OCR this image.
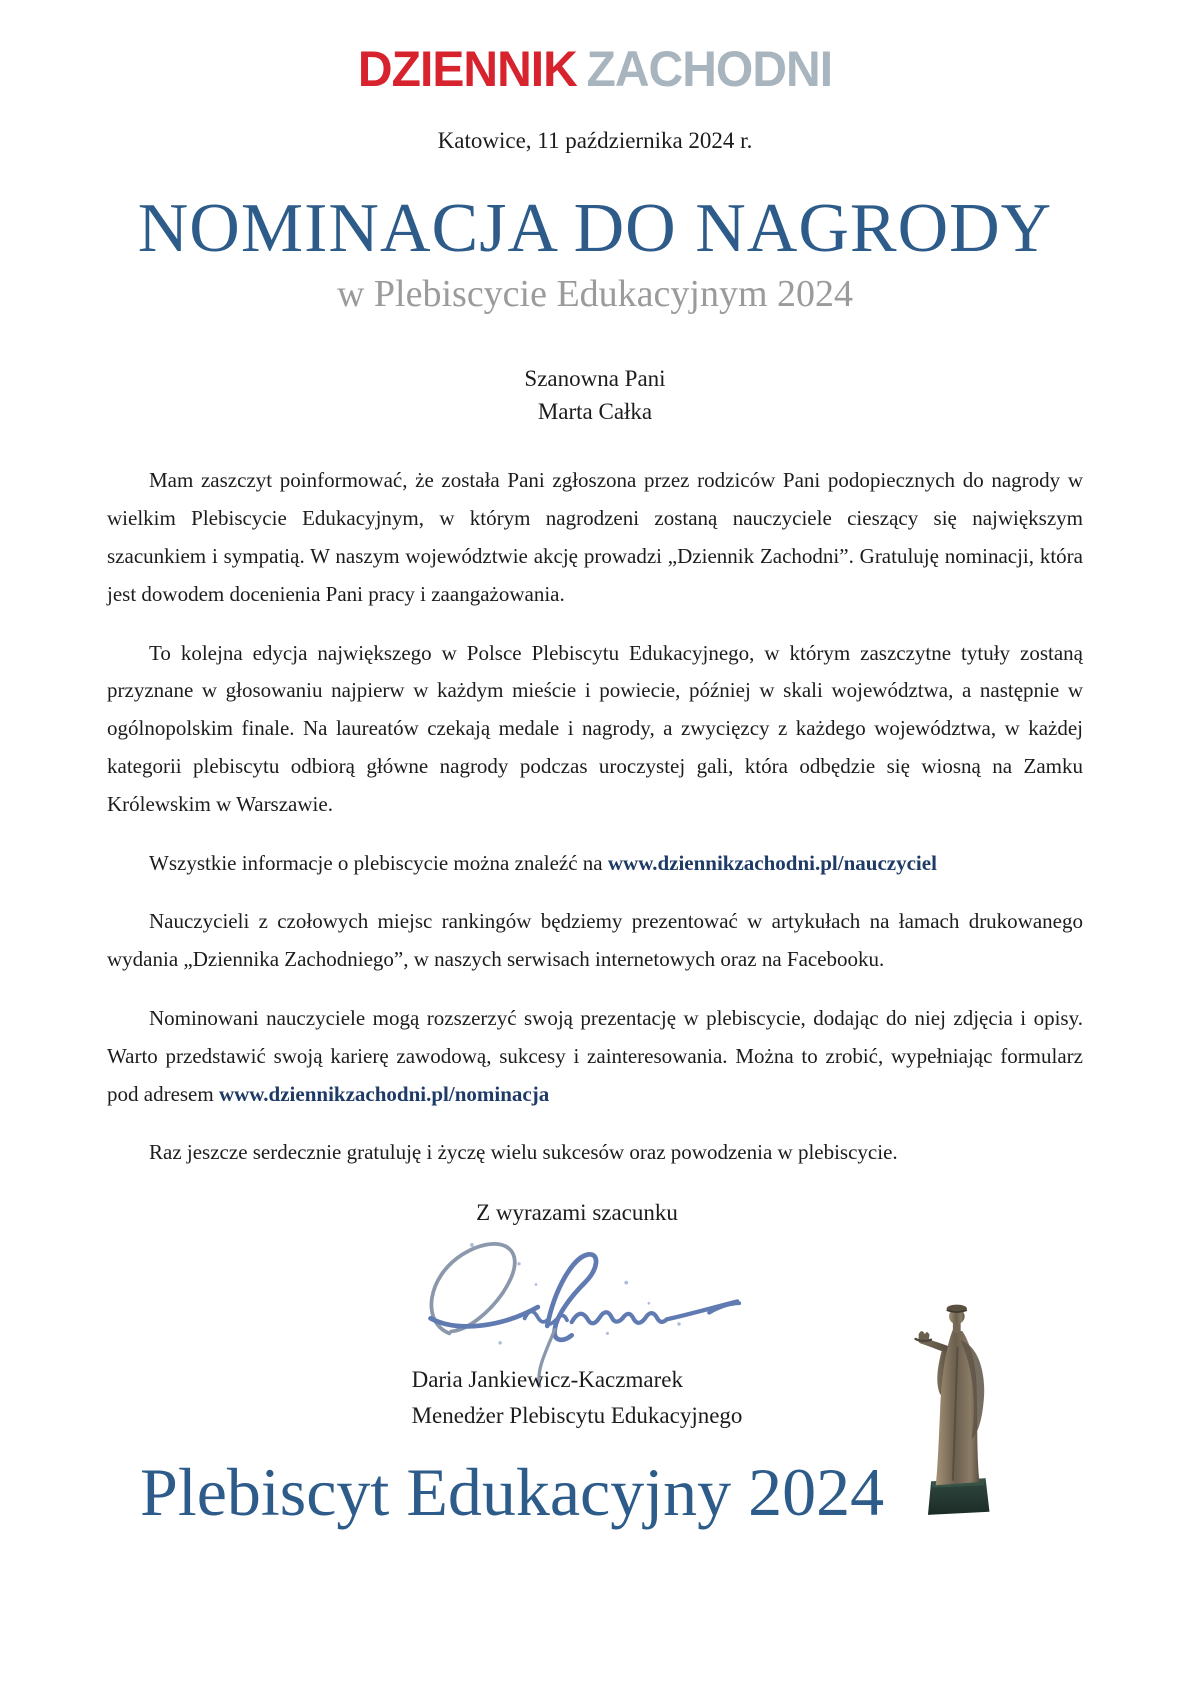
DZIENNIK ZACHODNI
Katowice, 11 października 2024 r.
NOMINACJA DO NAGRODY
w Plebiscycie Edukacyjnym 2024
Szanowna Pani
Marta Całka

Mam zaszczyt poinformować, że została Pani zgłoszona przez rodziców Pani podopiecznych do nagrody w wielkim Plebiscycie Edukacyjnym, w którym nagrodzeni zostaną nauczyciele cieszący się największym szacunkiem i sympatią. W naszym województwie akcję prowadzi „Dziennik Zachodni”. Gratuluję nominacji, która jest dowodem docenienia Pani pracy i zaangażowania.

To kolejna edycja największego w Polsce Plebiscytu Edukacyjnego, w którym zaszczytne tytuły zostaną przyznane w głosowaniu najpierw w każdym mieście i powiecie, później w skali województwa, a następnie w ogólnopolskim finale. Na laureatów czekają medale i nagrody, a zwycięzcy z każdego województwa, w każdej kategorii plebiscytu odbiorą główne nagrody podczas uroczystej gali, która odbędzie się wiosną na Zamku Królewskim w Warszawie.

Wszystkie informacje o plebiscycie można znaleźć na www.dziennikzachodni.pl/nauczyciel

Nauczycieli z czołowych miejsc rankingów będziemy prezentować w artykułach na łamach drukowanego wydania „Dziennika Zachodniego”, w naszych serwisach internetowych oraz na Facebooku.

Nominowani nauczyciele mogą rozszerzyć swoją prezentację w plebiscycie, dodając do niej zdjęcia i opisy. Warto przedstawić swoją karierę zawodową, sukcesy i zainteresowania. Można to zrobić, wypełniając formularz pod adresem www.dziennikzachodni.pl/nominacja

Raz jeszcze serdecznie gratuluję i życzę wielu sukcesów oraz powodzenia w plebiscycie.

Z wyrazami szacunku
Daria Jankiewicz-Kaczmarek
Menedżer Plebiscytu Edukacyjnego
Plebiscyt Edukacyjny 2024
